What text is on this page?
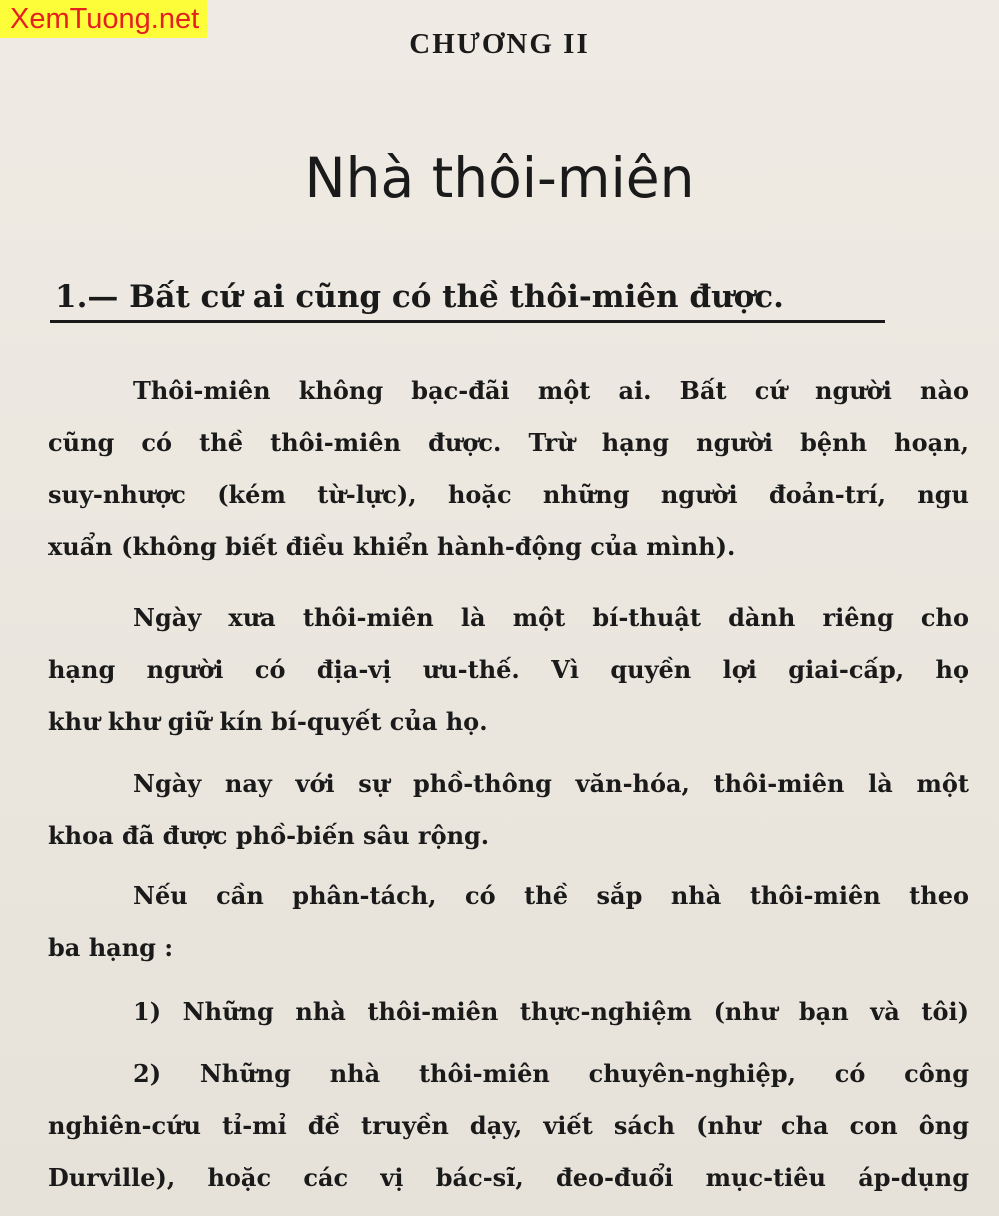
XemTuong.net
CHƯƠNG II
Nhà thôi-miên
1.— Bất cứ ai cũng có thề thôi-miên được.
Thôi-miên không bạc-đãi một ai. Bất cứ người nào
cũng có thề thôi-miên được. Trừ hạng người bệnh hoạn,
suy-nhược (kém từ-lực), hoặc những người đoản-trí, ngu
xuẩn (không biết điều khiển hành-động của mình).
Ngày xưa thôi-miên là một bí-thuật dành riêng cho
hạng người có địa-vị ưu-thế. Vì quyền lợi giai-cấp, họ
khư khư giữ kín bí-quyết của họ.
Ngày nay với sự phồ-thông văn-hóa, thôi-miên là một
khoa đã được phồ-biến sâu rộng.
Nếu cần phân-tách, có thề sắp nhà thôi-miên theo
ba hạng :
1) Những nhà thôi-miên thực-nghiệm (như bạn và tôi)
2) Những nhà thôi-miên chuyên-nghiệp, có công
nghiên-cứu tỉ-mỉ đề truyền dạy, viết sách (như cha con ông
Durville), hoặc các vị bác-sĩ, đeo-đuổi mục-tiêu áp-dụng
